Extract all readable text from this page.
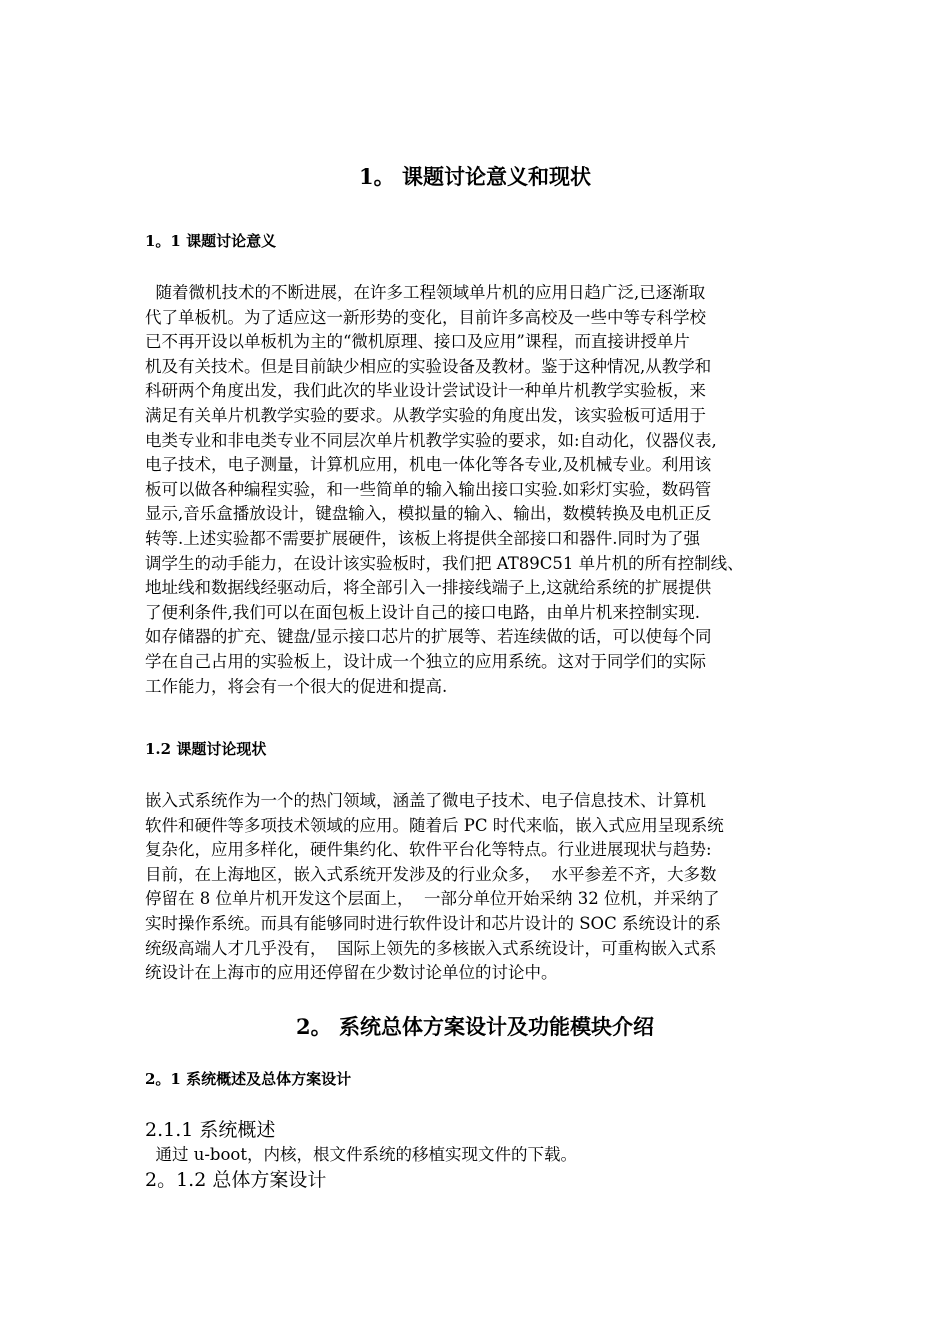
1。 课题讨论意义和现状
1。1 课题讨论意义
随着微机技术的不断进展，在许多工程领域单片机的应用日趋广泛,已逐渐取
代了单板机。为了适应这一新形势的变化，目前许多高校及一些中等专科学校
已不再开设以单板机为主的“微机原理、接口及应用”课程，而直接讲授单片
机及有关技术。但是目前缺少相应的实验设备及教材。鉴于这种情况,从教学和
科研两个角度出发，我们此次的毕业设计尝试设计一种单片机教学实验板，来
满足有关单片机教学实验的要求。从教学实验的角度出发，该实验板可适用于
电类专业和非电类专业不同层次单片机教学实验的要求，如:自动化，仪器仪表,
电子技术，电子测量，计算机应用，机电一体化等各专业,及机械专业。利用该
板可以做各种编程实验，和一些简单的输入输出接口实验.如彩灯实验，数码管
显示,音乐盒播放设计，键盘输入，模拟量的输入、输出，数模转换及电机正反
转等.上述实验都不需要扩展硬件，该板上将提供全部接口和器件.同时为了强
调学生的动手能力，在设计该实验板时，我们把 AT89C51 单片机的所有控制线、
地址线和数据线经驱动后，将全部引入一排接线端子上,这就给系统的扩展提供
了便利条件,我们可以在面包板上设计自己的接口电路，由单片机来控制实现.
如存储器的扩充、键盘/显示接口芯片的扩展等、若连续做的话，可以使每个同
学在自己占用的实验板上，设计成一个独立的应用系统。这对于同学们的实际
工作能力，将会有一个很大的促进和提高.
1.2 课题讨论现状
嵌入式系统作为一个的热门领域，涵盖了微电子技术、电子信息技术、计算机
软件和硬件等多项技术领域的应用。随着后 PC 时代来临，嵌入式应用呈现系统
复杂化，应用多样化，硬件集约化、软件平台化等特点。行业进展现状与趋势:
目前，在上海地区，嵌入式系统开发涉及的行业众多，  水平参差不齐，大多数
停留在 8 位单片机开发这个层面上，  一部分单位开始采纳 32 位机，并采纳了
实时操作系统。而具有能够同时进行软件设计和芯片设计的 SOC 系统设计的系
统级高端人才几乎没有，  国际上领先的多核嵌入式系统设计，可重构嵌入式系
统设计在上海市的应用还停留在少数讨论单位的讨论中。
2。 系统总体方案设计及功能模块介绍
2。1 系统概述及总体方案设计
2.1.1 系统概述
通过 u-boot，内核，根文件系统的移植实现文件的下载。
2。1.2 总体方案设计
